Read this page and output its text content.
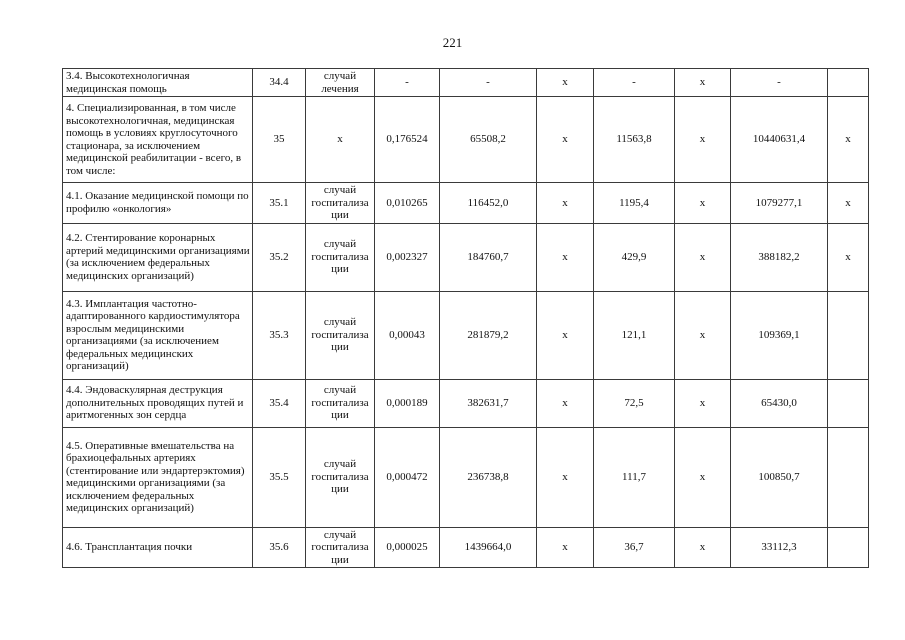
221
3.4. Высокотехнологичная медицинская помощь	34.4	случай лечения	-	-	x	-	x	-	
4. Специализированная, в том числе высокотехнологичная, медицинская помощь в условиях круглосуточного стационара, за исключением медицинской реабилитации - всего, в том числе:	35	x	0,176524	65508,2	x	11563,8	x	10440631,4	x
4.1. Оказание медицинской помощи по профилю «онкология»	35.1	случай госпитализации	0,010265	116452,0	x	1195,4	x	1079277,1	x
4.2. Стентирование коронарных артерий медицинскими организациями (за исключением федеральных медицинских организаций)	35.2	случай госпитализации	0,002327	184760,7	x	429,9	x	388182,2	x
4.3. Имплантация частотно-адаптированного кардиостимулятора взрослым медицинскими организациями (за исключением федеральных медицинских организаций)	35.3	случай госпитализации	0,00043	281879,2	x	121,1	x	109369,1	
4.4. Эндоваскулярная деструкция дополнительных проводящих путей и аритмогенных зон сердца	35.4	случай госпитализации	0,000189	382631,7	x	72,5	x	65430,0	
4.5. Оперативные вмешательства на брахиоцефальных артериях (стентирование или эндартерэктомия) медицинскими организациями (за исключением федеральных медицинских организаций)	35.5	случай госпитализации	0,000472	236738,8	x	111,7	x	100850,7	
4.6. Трансплантация почки	35.6	случай госпитализации	0,000025	1439664,0	x	36,7	x	33112,3	
